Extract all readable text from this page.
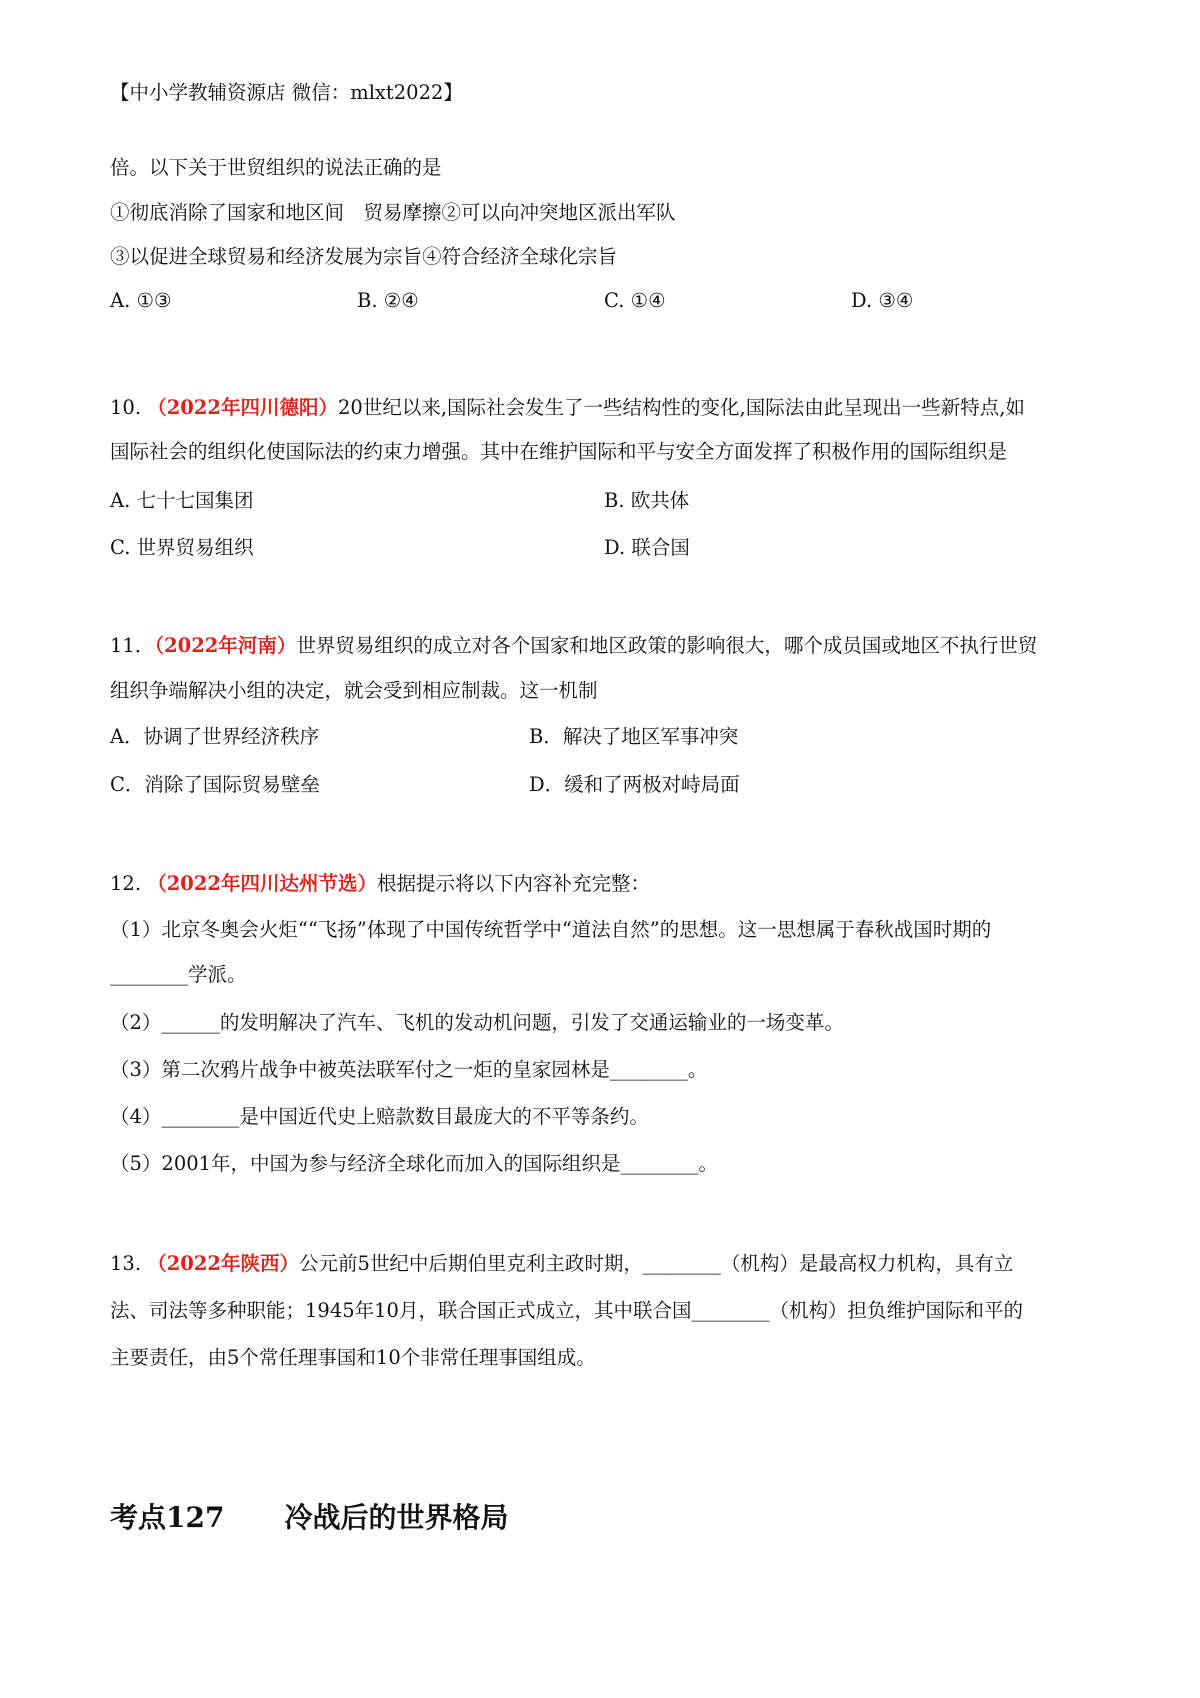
【中小学教辅资源店 微信：mlxt2022】
倍。以下关于世贸组织的说法正确的是
①彻底消除了国家和地区间　贸易摩擦②可以向冲突地区派出军队
③以促进全球贸易和经济发展为宗旨④符合经济全球化宗旨
A. ①③	B. ②④	C. ①④	D. ③④
10. （2022年四川德阳）20世纪以来,国际社会发生了一些结构性的变化,国际法由此呈现出一些新特点,如
国际社会的组织化使国际法的约束力增强。其中在维护国际和平与安全方面发挥了积极作用的国际组织是
A. 七十七国集团	B. 欧共体
C. 世界贸易组织	D. 联合国
11．（2022年河南）世界贸易组织的成立对各个国家和地区政策的影响很大，哪个成员国或地区不执行世贸
组织争端解决小组的决定，就会受到相应制裁。这一机制
A．协调了世界经济秩序	B．解决了地区军事冲突
C．消除了国际贸易壁垒	D．缓和了两极对峙局面
12. （2022年四川达州节选）根据提示将以下内容补充完整：
（1）北京冬奥会火炬““飞扬”体现了中国传统哲学中“道法自然”的思想。这一思想属于春秋战国时期的
________学派。
（2）______的发明解决了汽车、飞机的发动机问题，引发了交通运输业的一场变革。
（3）第二次鸦片战争中被英法联军付之一炬的皇家园林是________。
（4）________是中国近代史上赔款数目最庞大的不平等条约。
（5）2001年，中国为参与经济全球化而加入的国际组织是________。
13. （2022年陕西）公元前5世纪中后期伯里克利主政时期，________（机构）是最高权力机构，具有立
法、司法等多种职能；1945年10月，联合国正式成立，其中联合国________（机构）担负维护国际和平的
主要责任，由5个常任理事国和10个非常任理事国组成。
考点127 冷战后的世界格局
